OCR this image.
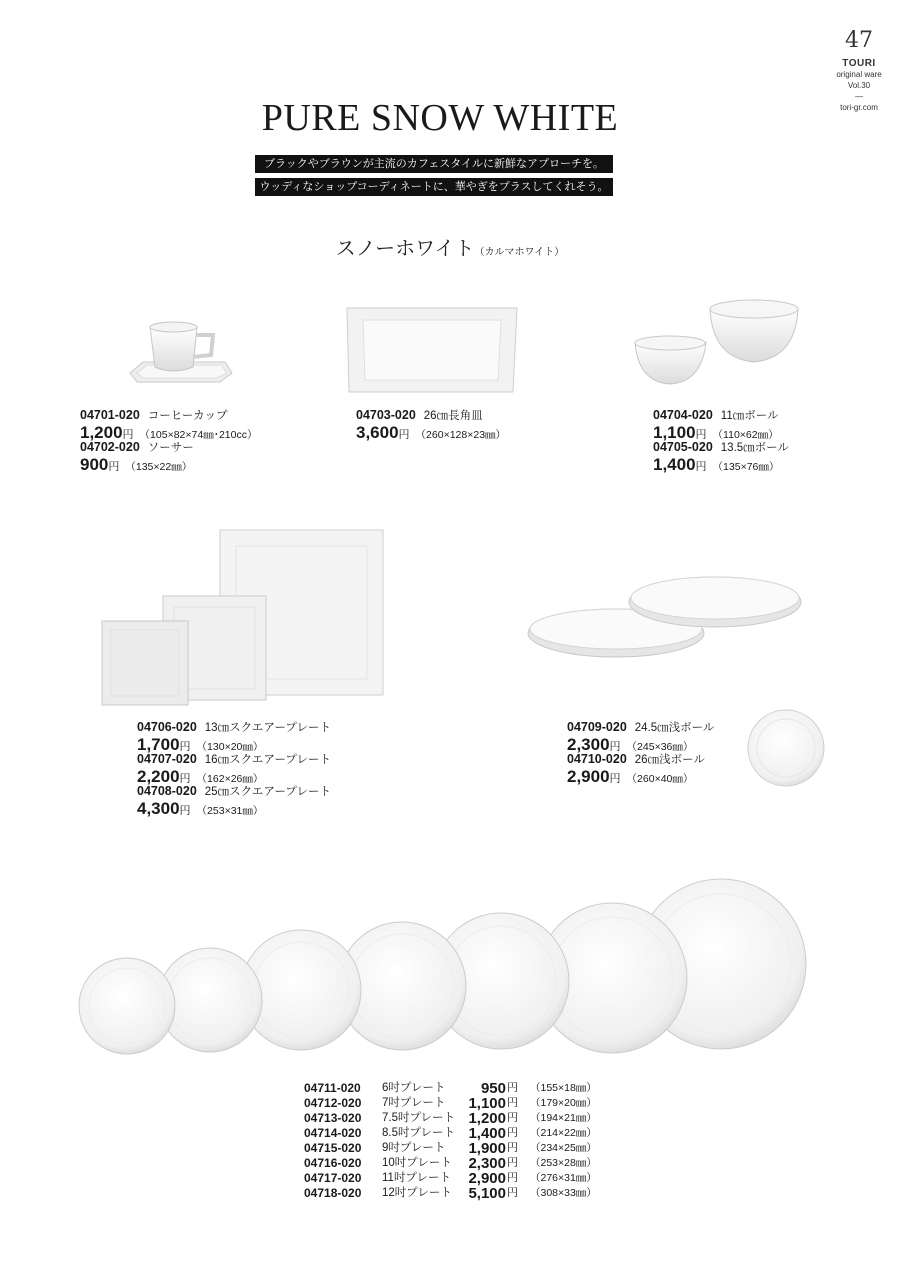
47
TOURI
original ware
Vol.30
—
tori-gr.com
PURE SNOW WHITE
ブラックやブラウンが主流のカフェスタイルに新鮮なアプローチを。
ウッディなショップコーディネートに、華やぎをプラスしてくれそう。
スノーホワイト（カルマホワイト）
04701-020 コーヒーカップ
1,200円 （105×82×74㎜･210cc）
04702-020 ソーサー
900円 （135×22㎜）
04703-020 26㎝長角皿
3,600円 （260×128×23㎜）
04704-020 11㎝ボール
1,100円 （110×62㎜）
04705-020 13.5㎝ボール
1,400円 （135×76㎜）
04706-020 13㎝スクエアープレート
1,700円 （130×20㎜）
04707-020 16㎝スクエアープレート
2,200円 （162×26㎜）
04708-020 25㎝スクエアープレート
4,300円 （253×31㎜）
04709-020 24.5㎝浅ボール
2,300円 （245×36㎜）
04710-020 26㎝浅ボール
2,900円 （260×40㎜）
04711-020 6吋プレート	950 円 （155×18㎜）
04712-020 7吋プレート	1,100 円 （179×20㎜）
04713-020 7.5吋プレート 1,200 円 （194×21㎜）
04714-020 8.5吋プレート 1,400 円 （214×22㎜）
04715-020 9吋プレート	1,900 円 （234×25㎜）
04716-020 10吋プレート	2,300 円 （253×28㎜）
04717-020 11吋プレート	2,900 円 （276×31㎜）
04718-020 12吋プレート	5,100 円 （308×33㎜）
